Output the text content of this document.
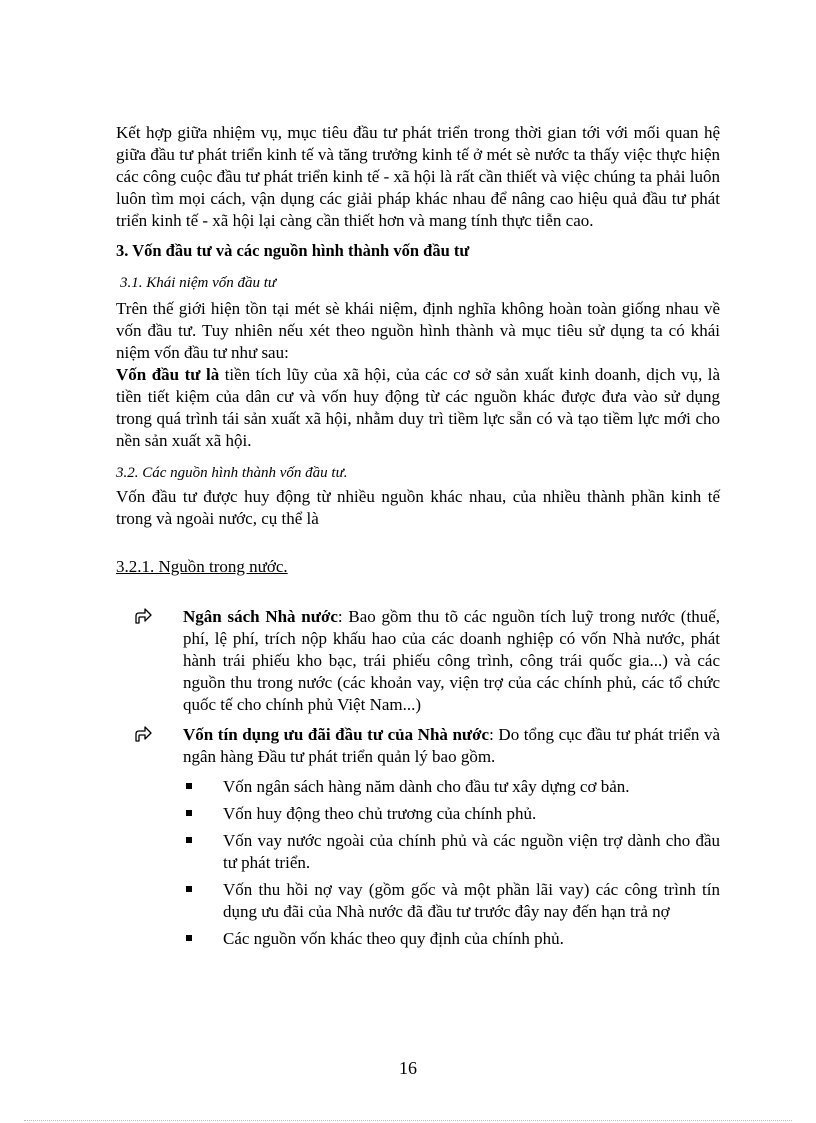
Kết hợp giữa nhiệm vụ, mục tiêu đầu tư phát triển trong thời gian tới với mối quan hệ giữa đầu tư phát triển kinh tế và tăng trưởng kinh tế ở mét sè nước ta thấy việc thực hiện các công cuộc đầu tư phát triển kinh tế - xã hội là rất cần thiết và việc chúng ta phải luôn luôn tìm mọi cách, vận dụng các giải pháp khác nhau để nâng cao hiệu quả đầu tư phát triển kinh tế - xã hội lại càng cần thiết hơn và mang tính thực tiễn cao.

3. Vốn đầu tư và các nguồn hình thành vốn đầu tư

3.1. Khái niệm vốn đầu tư

Trên thế giới hiện tồn tại mét sè khái niệm, định nghĩa không hoàn toàn giống nhau về vốn đầu tư. Tuy nhiên nếu xét theo nguồn hình thành và mục tiêu sử dụng ta có khái niệm vốn đầu tư như sau:

Vốn đầu tư là tiền tích lũy của xã hội, của các cơ sở sản xuất kinh doanh, dịch vụ, là tiền tiết kiệm của dân cư và vốn huy động từ các nguồn khác được đưa vào sử dụng trong quá trình tái sản xuất xã hội, nhằm duy trì tiềm lực sẵn có và tạo tiềm lực mới cho nền sản xuất xã hội.

3.2. Các nguồn hình thành vốn đầu tư.

Vốn đầu tư được huy động từ nhiều nguồn khác nhau, của nhiều thành phần kinh tế trong và ngoài nước, cụ thể là

3.2.1. Nguồn trong nước.

Ngân sách Nhà nước: Bao gồm thu tõ các nguồn tích luỹ trong nước (thuế, phí, lệ phí, trích nộp khấu hao của các doanh nghiệp có vốn Nhà nước, phát hành trái phiếu kho bạc, trái phiếu công trình, công trái quốc gia...) và các nguồn thu trong nước (các khoản vay, viện trợ của các chính phủ, các tổ chức quốc tế cho chính phủ Việt Nam...)
Vốn tín dụng ưu đãi đầu tư của Nhà nước: Do tổng cục đầu tư phát triển và ngân hàng Đầu tư phát triển quản lý bao gồm.
Vốn ngân sách hàng năm dành cho đầu tư xây dựng cơ bản.
Vốn huy động theo chủ trương của chính phủ.
Vốn vay nước ngoài của chính phủ và các nguồn viện trợ dành cho đầu tư phát triển.
Vốn thu hồi nợ vay (gồm gốc và một phần lãi vay) các công trình tín dụng ưu đãi của Nhà nước đã đầu tư trước đây nay đến hạn trả nợ
Các nguồn vốn khác theo quy định của chính phủ.
16
